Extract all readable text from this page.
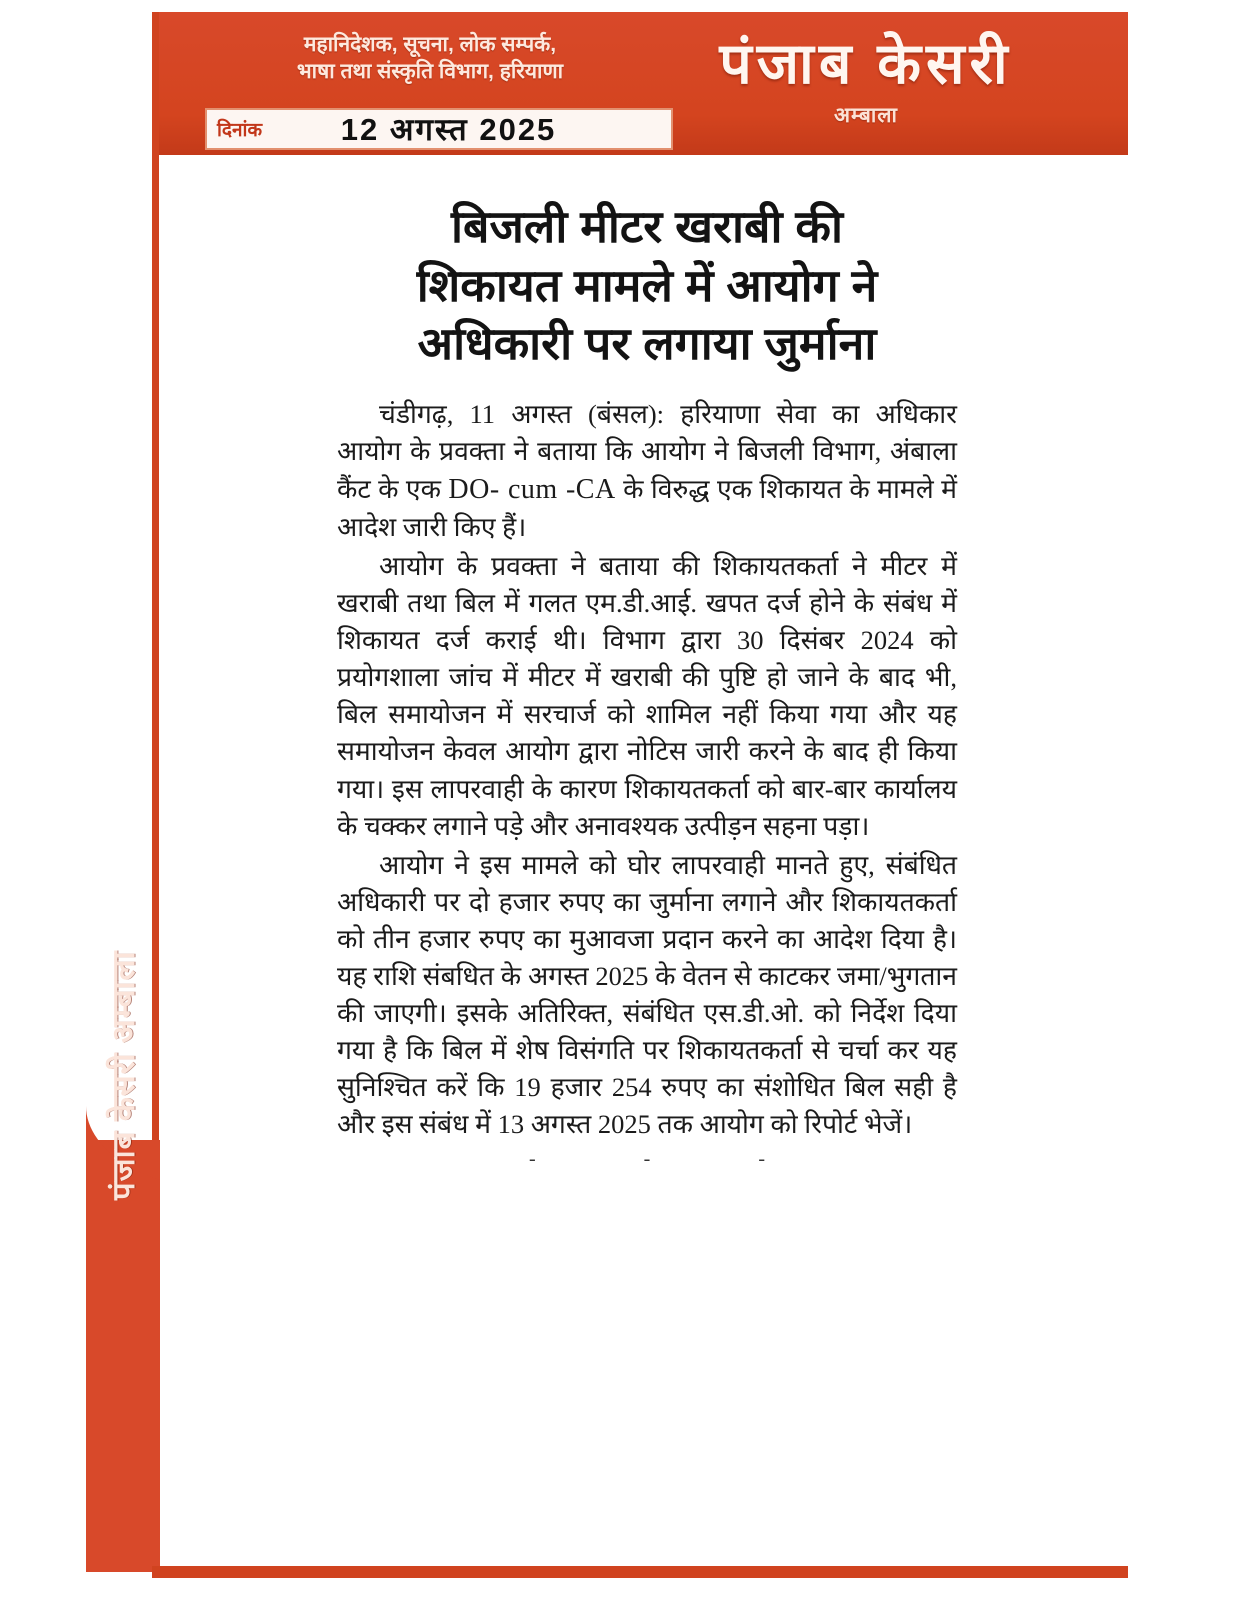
पंजाब केसरी अम्बाला
महानिदेशक, सूचना, लोक सम्पर्क,
भाषा तथा संस्कृति विभाग, हरियाणा
दिनांक	12 अगस्त 2025
पंजाब केसरी
अम्बाला
बिजली मीटर खराबी की
शिकायत मामले में आयोग ने
अधिकारी पर लगाया जुर्माना

चंडीगढ़, 11 अगस्त (बंसल): हरियाणा सेवा का अधिकार आयोग के प्रवक्ता ने बताया कि आयोग ने बिजली विभाग, अंबाला कैंट के एक DO- cum -CA के विरुद्ध एक शिकायत के मामले में आदेश जारी किए हैं।

आयोग के प्रवक्ता ने बताया की शिकायतकर्ता ने मीटर में खराबी तथा बिल में गलत एम.डी.आई. खपत दर्ज होने के संबंध में शिकायत दर्ज कराई थी। विभाग द्वारा 30 दिसंबर 2024 को प्रयोगशाला जांच में मीटर में खराबी की पुष्टि हो जाने के बाद भी, बिल समायोजन में सरचार्ज को शामिल नहीं किया गया और यह समायोजन केवल आयोग द्वारा नोटिस जारी करने के बाद ही किया गया। इस लापरवाही के कारण शिकायतकर्ता को बार-बार कार्यालय के चक्कर लगाने पड़े और अनावश्यक उत्पीड़न सहना पड़ा।

आयोग ने इस मामले को घोर लापरवाही मानते हुए, संबंधित अधिकारी पर दो हजार रुपए का जुर्माना लगाने और शिकायतकर्ता को तीन हजार रुपए का मुआवजा प्रदान करने का आदेश दिया है। यह राशि संबधित के अगस्त 2025 के वेतन से काटकर जमा/भुगतान की जाएगी। इसके अतिरिक्त, संबंधित एस.डी.ओ. को निर्देश दिया गया है कि बिल में शेष विसंगति पर शिकायतकर्ता से चर्चा कर यह सुनिश्चित करें कि 19 हजार 254 रुपए का संशोधित बिल सही है और इस संबंध में 13 अगस्त 2025 तक आयोग को रिपोर्ट भेजें।

-	-	-
